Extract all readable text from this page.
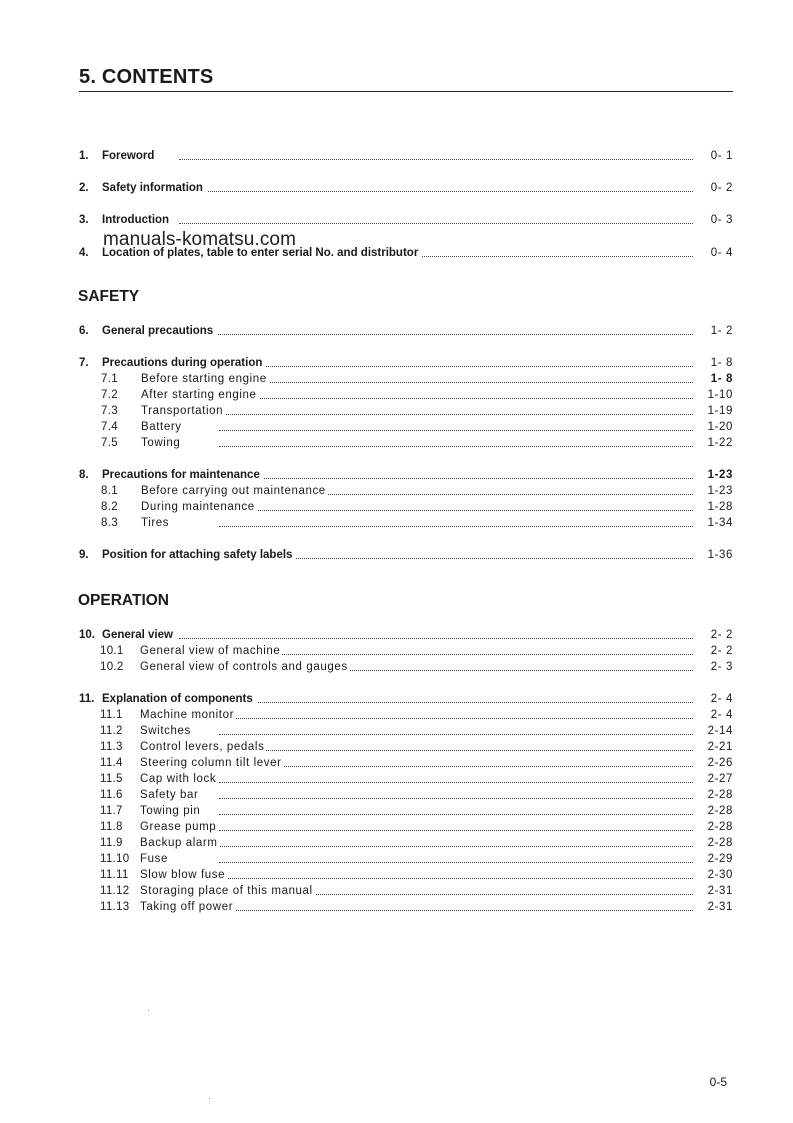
5. CONTENTS
1. Foreword	0- 1
2. Safety information	0- 2
3. Introduction	0- 3
4. Location of plates, table to enter serial No. and distributor	0- 4
manuals-komatsu.com
SAFETY
6. General precautions	1- 2
7. Precautions during operation	1- 8
7.1 Before starting engine	1- 8
7.2 After starting engine	1-10
7.3 Transportation	1-19
7.4 Battery	1-20
7.5 Towing	1-22
8. Precautions for maintenance	1-23
8.1 Before carrying out maintenance	1-23
8.2 During maintenance	1-28
8.3 Tires	1-34
9. Position for attaching safety labels	1-36
OPERATION
10. General view	2- 2
10.1 General view of machine	2- 2
10.2 General view of controls and gauges	2- 3
11. Explanation of components	2- 4
11.1 Machine monitor	2- 4
11.2 Switches	2-14
11.3 Control levers, pedals	2-21
11.4 Steering column tilt lever	2-26
11.5 Cap with lock	2-27
11.6 Safety bar	2-28
11.7 Towing pin	2-28
11.8 Grease pump	2-28
11.9 Backup alarm	2-28
11.10 Fuse	2-29
11.11 Slow blow fuse	2-30
11.12 Storaging place of this manual	2-31
11.13 Taking off power	2-31
0-5
